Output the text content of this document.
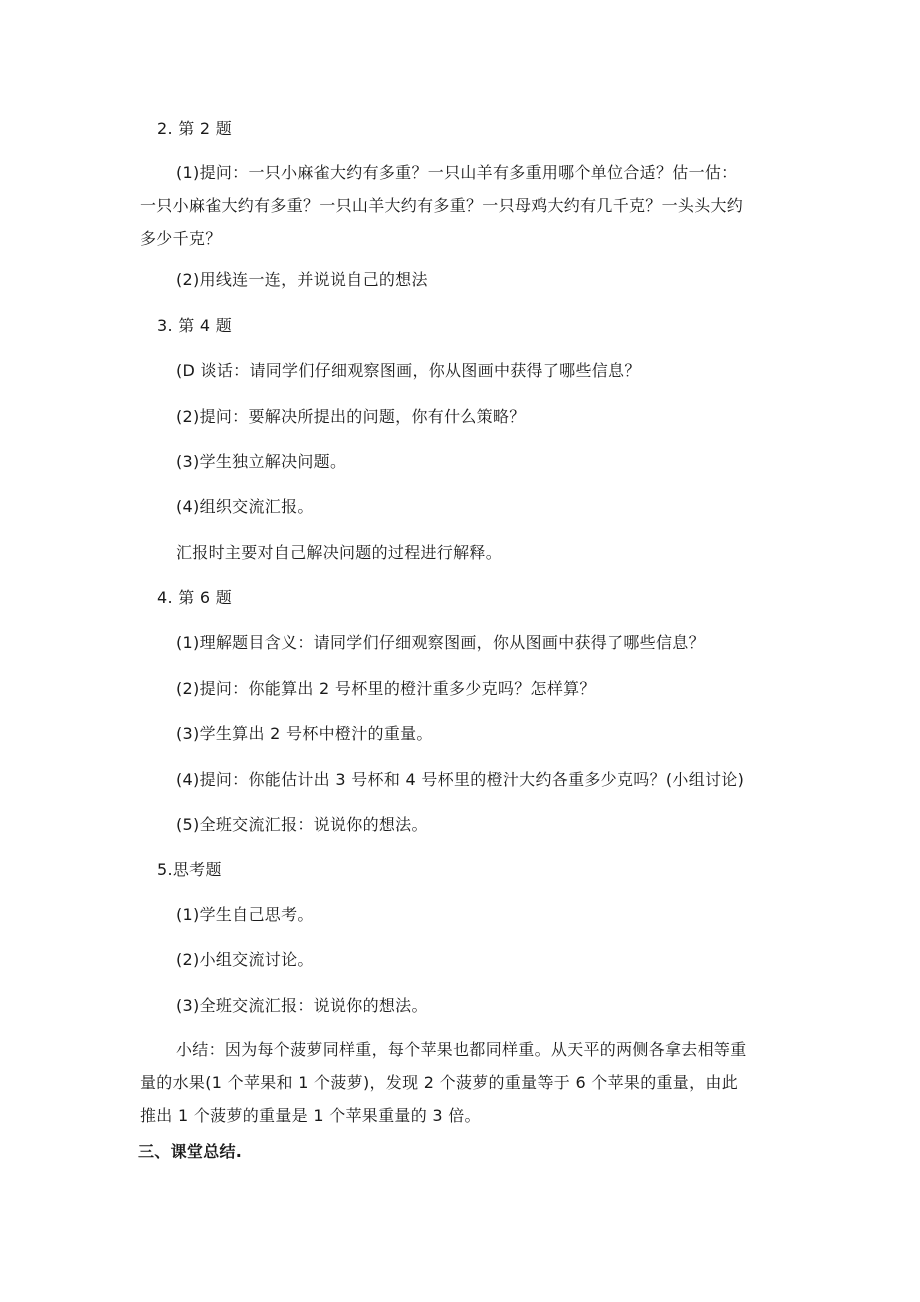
2. 第 2 题
(1)提问：一只小麻雀大约有多重？一只山羊有多重用哪个单位合适？估一估：一只小麻雀大约有多重？一只山羊大约有多重？一只母鸡大约有几千克？一头头大约多少千克？
(2)用线连一连，并说说自己的想法
3. 第 4 题
(D 谈话：请同学们仔细观察图画，你从图画中获得了哪些信息？
(2)提问：要解决所提出的问题，你有什么策略？
(3)学生独立解决问题。
(4)组织交流汇报。
汇报时主要对自己解决问题的过程进行解释。
4. 第 6 题
(1)理解题目含义：请同学们仔细观察图画，你从图画中获得了哪些信息？
(2)提问：你能算出 2 号杯里的橙汁重多少克吗？怎样算？
(3)学生算出 2 号杯中橙汁的重量。
(4)提问：你能估计出 3 号杯和 4 号杯里的橙汁大约各重多少克吗？(小组讨论)
(5)全班交流汇报：说说你的想法。
5.思考题
(1)学生自己思考。
(2)小组交流讨论。
(3)全班交流汇报：说说你的想法。
小结：因为每个菠萝同样重，每个苹果也都同样重。从天平的两侧各拿去相等重量的水果(1 个苹果和 1 个菠萝)，发现 2 个菠萝的重量等于 6 个苹果的重量，由此推出 1 个菠萝的重量是 1 个苹果重量的 3 倍。
三、课堂总结.
